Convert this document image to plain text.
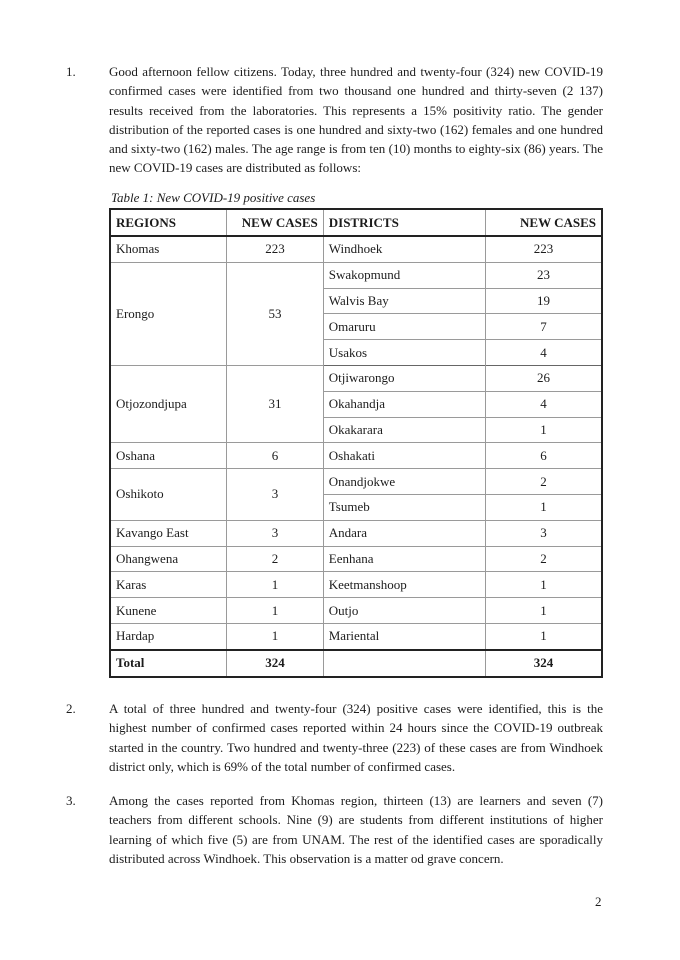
1.	Good afternoon fellow citizens. Today, three hundred and twenty-four (324) new COVID-19 confirmed cases were identified from two thousand one hundred and thirty-seven (2 137) results received from the laboratories. This represents a 15% positivity ratio. The gender distribution of the reported cases is one hundred and sixty-two (162) females and one hundred and sixty-two (162) males. The age range is from ten (10) months to eighty-six (86) years. The new COVID-19 cases are distributed as follows:
Table 1: New COVID-19 positive cases
REGIONS	NEW CASES	DISTRICTS	NEW CASES
Khomas	223	Windhoek	223
Erongo	53	Swakopmund	23
		Walvis Bay	19
		Omaruru	7
		Usakos	4

Otjozondjupa	31	Otjiwarongo	26
		Okahandja	4
		Okakarara	1
Oshana	6	Oshakati	6
Oshikoto	3	Onandjokwe	2
		Tsumeb	1
Kavango East	3	Andara	3
Ohangwena	2	Eenhana	2
Karas	1	Keetmanshoop	1
Kunene	1	Outjo	1
Hardap	1	Mariental	1
Total	324		324
2.	A total of three hundred and twenty-four (324) positive cases were identified, this is the highest number of confirmed cases reported within 24 hours since the COVID-19 outbreak started in the country. Two hundred and twenty-three (223) of these cases are from Windhoek district only, which is 69% of the total number of confirmed cases.
3.	Among the cases reported from Khomas region, thirteen (13) are learners and seven (7) teachers from different schools. Nine (9) are students from different institutions of higher learning of which five (5) are from UNAM. The rest of the identified cases are sporadically distributed across Windhoek. This observation is a matter od grave concern.
2
